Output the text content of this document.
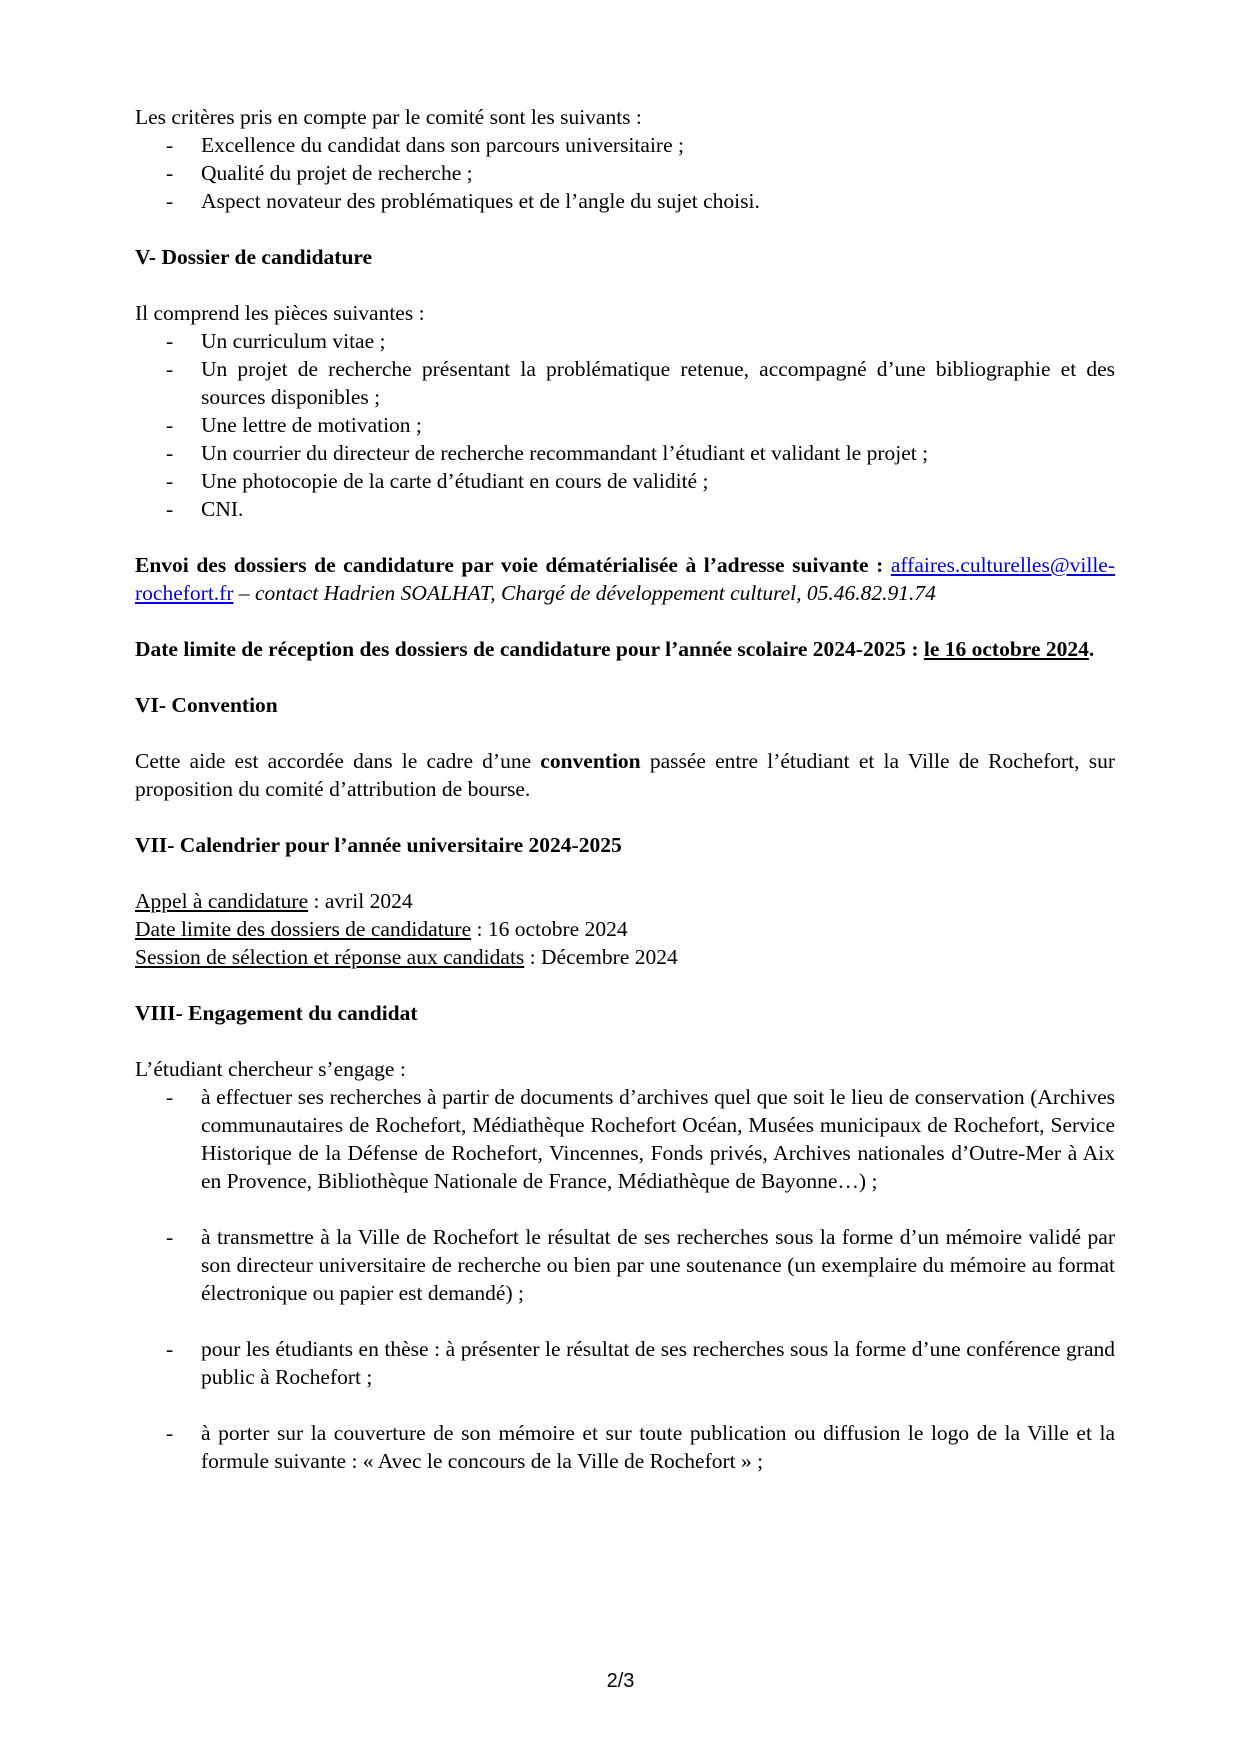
Les critères pris en compte par le comité sont les suivants :

-	Excellence du candidat dans son parcours universitaire ;
-	Qualité du projet de recherche ;
-	Aspect novateur des problématiques et de l’angle du sujet choisi.

V- Dossier de candidature

Il comprend les pièces suivantes :

-	Un curriculum vitae ;
-	Un projet de recherche présentant la problématique retenue, accompagné d’une bibliographie et des sources disponibles ;
-	Une lettre de motivation ;
-	Un courrier du directeur de recherche recommandant l’étudiant et validant le projet ;
-	Une photocopie de la carte d’étudiant en cours de validité ;
-	CNI.

Envoi des dossiers de candidature par voie dématérialisée à l’adresse suivante : affaires.culturelles@ville-rochefort.fr – contact Hadrien SOALHAT, Chargé de développement culturel, 05.46.82.91.74

Date limite de réception des dossiers de candidature pour l’année scolaire 2024-2025 : le 16 octobre 2024.

VI- Convention

Cette aide est accordée dans le cadre d’une convention passée entre l’étudiant et la Ville de Rochefort, sur proposition du comité d’attribution de bourse.

VII- Calendrier pour l’année universitaire 2024-2025

Appel à candidature : avril 2024

Date limite des dossiers de candidature : 16 octobre 2024

Session de sélection et réponse aux candidats : Décembre 2024

VIII- Engagement du candidat

L’étudiant chercheur s’engage :

-	à effectuer ses recherches à partir de documents d’archives quel que soit le lieu de conservation (Archives communautaires de Rochefort, Médiathèque Rochefort Océan, Musées municipaux de Rochefort, Service Historique de la Défense de Rochefort, Vincennes, Fonds privés, Archives nationales d’Outre-Mer à Aix en Provence, Bibliothèque Nationale de France, Médiathèque de Bayonne…) ;
-	à transmettre à la Ville de Rochefort le résultat de ses recherches sous la forme d’un mémoire validé par son directeur universitaire de recherche ou bien par une soutenance (un exemplaire du mémoire au format électronique ou papier est demandé) ;
-	pour les étudiants en thèse : à présenter le résultat de ses recherches sous la forme d’une conférence grand public à Rochefort ;
-	à porter sur la couverture de son mémoire et sur toute publication ou diffusion le logo de la Ville et la formule suivante : « Avec le concours de la Ville de Rochefort » ;
2/3
